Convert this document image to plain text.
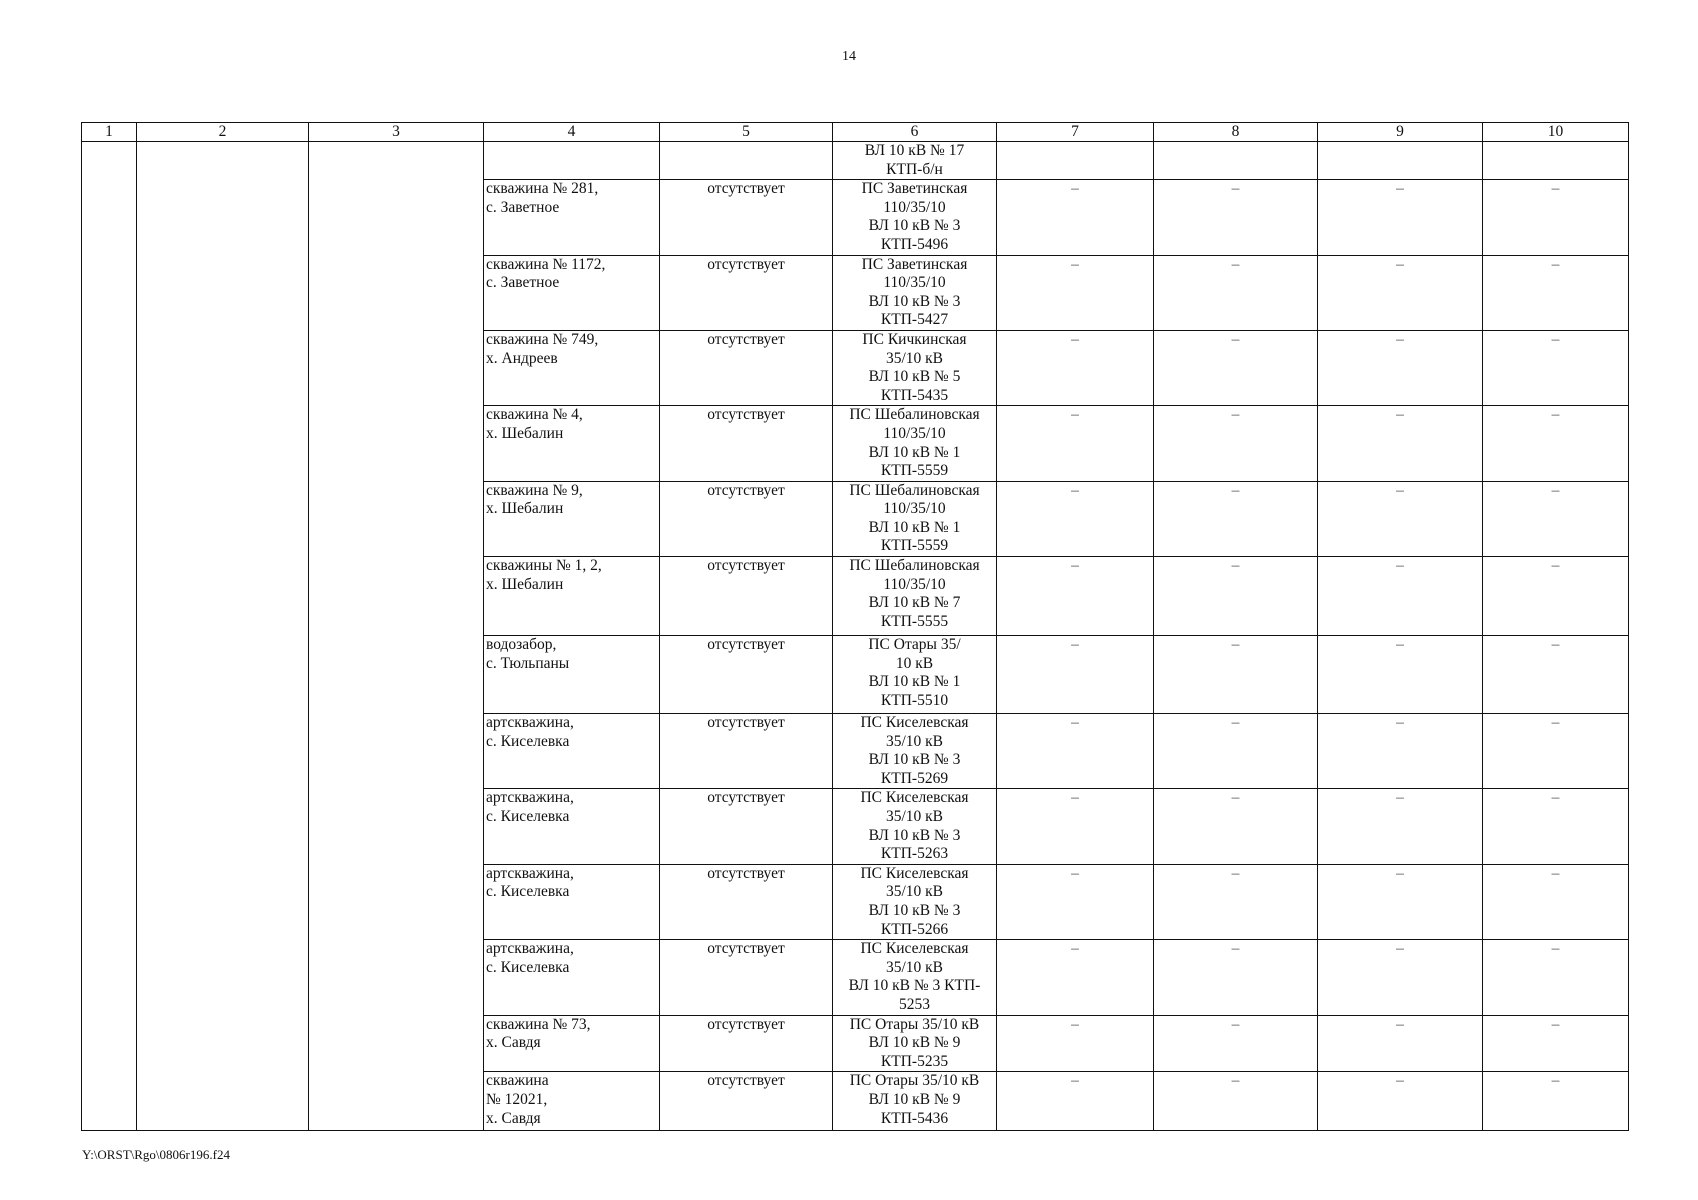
14
1	2	3	4	5	6	7	8	9	10

					ВЛ 10 кВ № 17
КТП-б/н				

			скважина № 281,
с. Заветное	отсутствует	ПС Заветинская
110/35/10
ВЛ 10 кВ № 3
КТП-5496	–	–	–	–

			скважина № 1172,
с. Заветное	отсутствует	ПС Заветинская
110/35/10
ВЛ 10 кВ № 3
КТП-5427	–	–	–	–

			скважина № 749,
х. Андреев	отсутствует	ПС Кичкинская
35/10 кВ
ВЛ 10 кВ № 5
КТП-5435	–	–	–	–

			скважина № 4,
х. Шебалин	отсутствует	ПС Шебалиновская
110/35/10
ВЛ 10 кВ № 1
КТП-5559	–	–	–	–

			скважина № 9,
х. Шебалин	отсутствует	ПС Шебалиновская
110/35/10
ВЛ 10 кВ № 1
КТП-5559	–	–	–	–

			скважины № 1, 2,
х. Шебалин	отсутствует	ПС Шебалиновская
110/35/10
ВЛ 10 кВ № 7
КТП-5555	–	–	–	–

			водозабор,
с. Тюльпаны	отсутствует	ПС Отары 35/
10 кВ
ВЛ 10 кВ № 1
КТП-5510	–	–	–	–

			артскважина,
с. Киселевка	отсутствует	ПС Киселевская
35/10 кВ
ВЛ 10 кВ № 3
КТП-5269	–	–	–	–

			артскважина,
с. Киселевка	отсутствует	ПС Киселевская
35/10 кВ
ВЛ 10 кВ № 3
КТП-5263	–	–	–	–

			артскважина,
с. Киселевка	отсутствует	ПС Киселевская
35/10 кВ
ВЛ 10 кВ № 3
КТП-5266	–	–	–	–

			артскважина,
с. Киселевка	отсутствует	ПС Киселевская
35/10 кВ
ВЛ 10 кВ № 3 КТП-
5253	–	–	–	–

			скважина № 73,
х. Савдя	отсутствует	ПС Отары 35/10 кВ
ВЛ 10 кВ № 9
КТП-5235	–	–	–	–

			скважина
№ 12021,
х. Савдя	отсутствует	ПС Отары 35/10 кВ
ВЛ 10 кВ № 9
КТП-5436	–	–	–	–
Y:\ORST\Rgo\0806r196.f24
